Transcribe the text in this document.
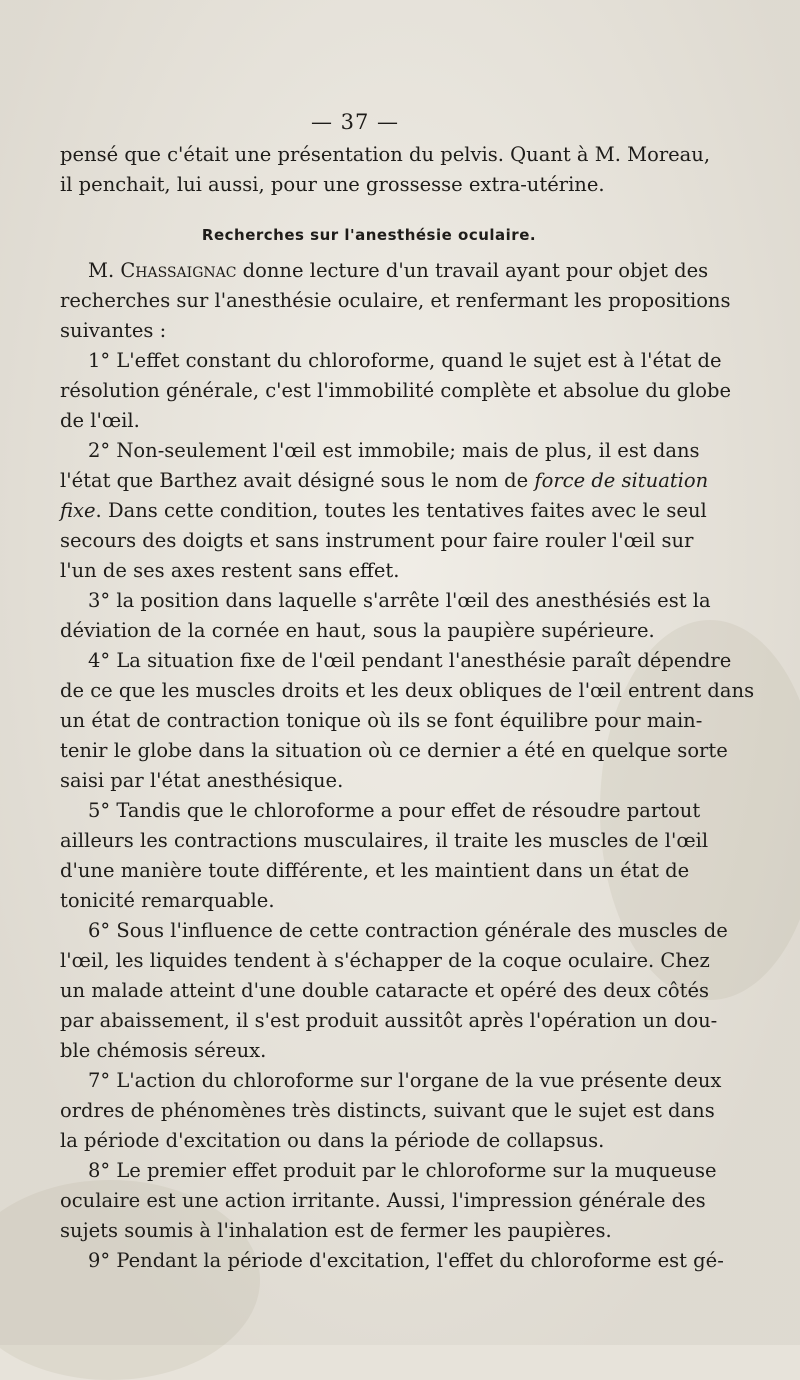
— 37 —
pensé que c'était une présentation du pelvis. Quant à M. Moreau,
il penchait, lui aussi, pour une grossesse extra-utérine.
Recherches sur l'anesthésie oculaire.
M. Chassaignac donne lecture d'un travail ayant pour objet des
recherches sur l'anesthésie oculaire, et renfermant les propositions
suivantes :
1° L'effet constant du chloroforme, quand le sujet est à l'état de
résolution générale, c'est l'immobilité complète et absolue du globe
de l'œil.
2° Non-seulement l'œil est immobile; mais de plus, il est dans
l'état que Barthez avait désigné sous le nom de force de situation
fixe. Dans cette condition, toutes les tentatives faites avec le seul
secours des doigts et sans instrument pour faire rouler l'œil sur
l'un de ses axes restent sans effet.
3° la position dans laquelle s'arrête l'œil des anesthésiés est la
déviation de la cornée en haut, sous la paupière supérieure.
4° La situation fixe de l'œil pendant l'anesthésie paraît dépendre
de ce que les muscles droits et les deux obliques de l'œil entrent dans
un état de contraction tonique où ils se font équilibre pour main-
tenir le globe dans la situation où ce dernier a été en quelque sorte
saisi par l'état anesthésique.
5° Tandis que le chloroforme a pour effet de résoudre partout
ailleurs les contractions musculaires, il traite les muscles de l'œil
d'une manière toute différente, et les maintient dans un état de
tonicité remarquable.
6° Sous l'influence de cette contraction générale des muscles de
l'œil, les liquides tendent à s'échapper de la coque oculaire. Chez
un malade atteint d'une double cataracte et opéré des deux côtés
par abaissement, il s'est produit aussitôt après l'opération un dou-
ble chémosis séreux.
7° L'action du chloroforme sur l'organe de la vue présente deux
ordres de phénomènes très distincts, suivant que le sujet est dans
la période d'excitation ou dans la période de collapsus.
8° Le premier effet produit par le chloroforme sur la muqueuse
oculaire est une action irritante. Aussi, l'impression générale des
sujets soumis à l'inhalation est de fermer les paupières.
9° Pendant la période d'excitation, l'effet du chloroforme est gé-
